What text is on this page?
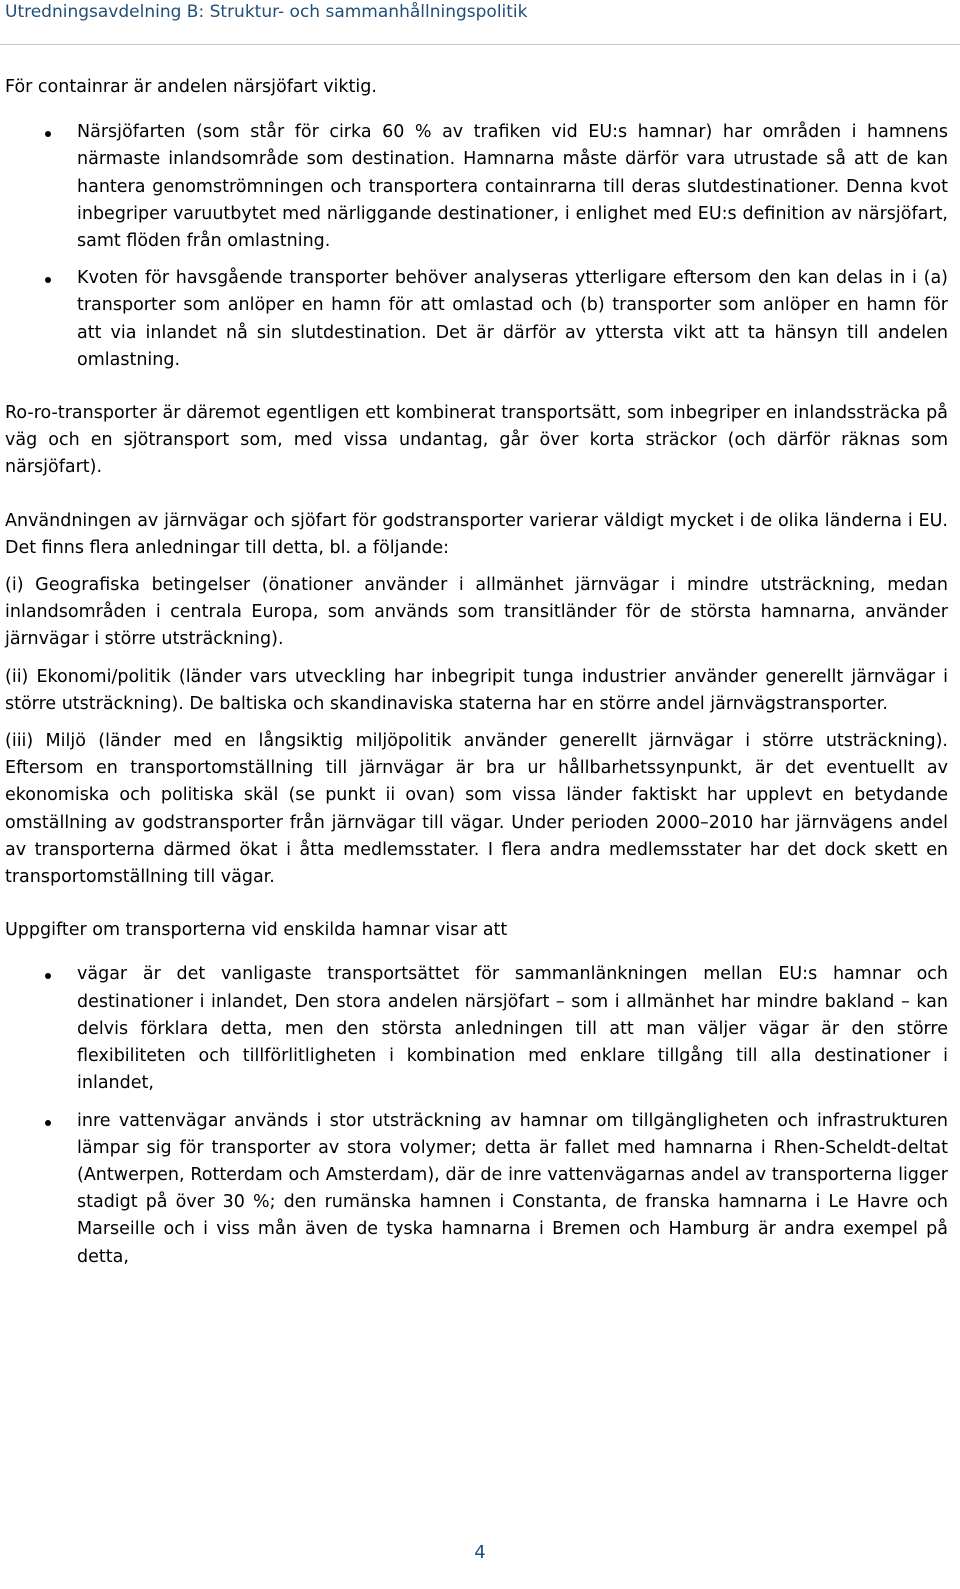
Utredningsavdelning B: Struktur- och sammanhållningspolitik

För containrar är andelen närsjöfart viktig.

Närsjöfarten (som står för cirka 60 % av trafiken vid EU:s hamnar) har områden i hamnens närmaste inlandsområde som destination. Hamnarna måste därför vara utrustade så att de kan hantera genomströmningen och transportera containrarna till deras slutdestinationer. Denna kvot inbegriper varuutbytet med närliggande destinationer, i enlighet med EU:s definition av närsjöfart, samt flöden från omlastning.
Kvoten för havsgående transporter behöver analyseras ytterligare eftersom den kan delas in i (a) transporter som anlöper en hamn för att omlastad och (b) transporter som anlöper en hamn för att via inlandet nå sin slutdestination. Det är därför av yttersta vikt att ta hänsyn till andelen omlastning.

Ro-ro-transporter är däremot egentligen ett kombinerat transportsätt, som inbegriper en inlandssträcka på väg och en sjötransport som, med vissa undantag, går över korta sträckor (och därför räknas som närsjöfart).

Användningen av järnvägar och sjöfart för godstransporter varierar väldigt mycket i de olika länderna i EU. Det finns flera anledningar till detta, bl. a följande:

(i) Geografiska betingelser (önationer använder i allmänhet järnvägar i mindre utsträckning, medan inlandsområden i centrala Europa, som används som transitländer för de största hamnarna, använder järnvägar i större utsträckning).

(ii) Ekonomi/politik (länder vars utveckling har inbegripit tunga industrier använder generellt järnvägar i större utsträckning). De baltiska och skandinaviska staterna har en större andel järnvägstransporter.

(iii) Miljö (länder med en långsiktig miljöpolitik använder generellt järnvägar i större utsträckning). Eftersom en transportomställning till järnvägar är bra ur hållbarhetssynpunkt, är det eventuellt av ekonomiska och politiska skäl (se punkt ii ovan) som vissa länder faktiskt har upplevt en betydande omställning av godstransporter från järnvägar till vägar. Under perioden 2000–2010 har järnvägens andel av transporterna därmed ökat i åtta medlemsstater. I flera andra medlemsstater har det dock skett en transportomställning till vägar.

Uppgifter om transporterna vid enskilda hamnar visar att

vägar är det vanligaste transportsättet för sammanlänkningen mellan EU:s hamnar och destinationer i inlandet, Den stora andelen närsjöfart – som i allmänhet har mindre bakland – kan delvis förklara detta, men den största anledningen till att man väljer vägar är den större flexibiliteten och tillförlitligheten i kombination med enklare tillgång till alla destinationer i inlandet,
inre vattenvägar används i stor utsträckning av hamnar om tillgängligheten och infrastrukturen lämpar sig för transporter av stora volymer; detta är fallet med hamnarna i Rhen-Scheldt-deltat (Antwerpen, Rotterdam och Amsterdam), där de inre vattenvägarnas andel av transporterna ligger stadigt på över 30 %; den rumänska hamnen i Constanta, de franska hamnarna i Le Havre och Marseille och i viss mån även de tyska hamnarna i Bremen och Hamburg är andra exempel på detta,
4
